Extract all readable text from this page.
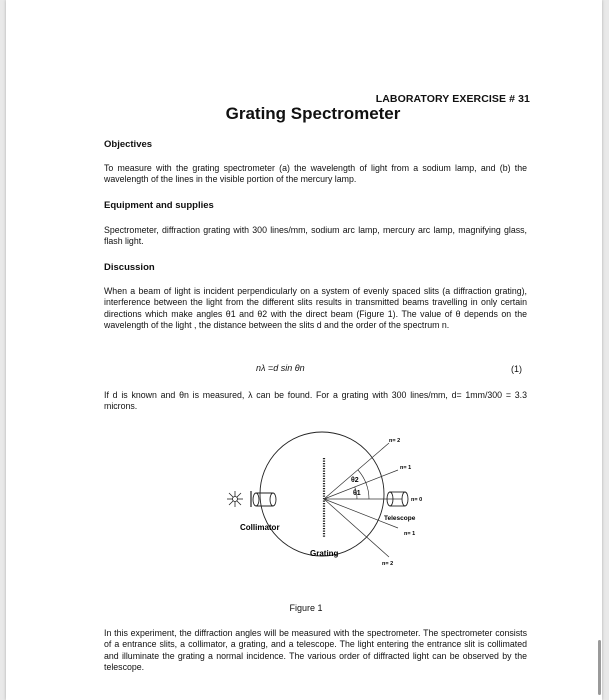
LABORATORY EXERCISE # 31
Grating Spectrometer
Objectives

To measure with the grating spectrometer (a) the wavelength of light from a sodium lamp, and (b) the wavelength of the lines in the visible portion of the mercury lamp.

Equipment and supplies

Spectrometer, diffraction grating with 300 lines/mm, sodium arc lamp, mercury arc lamp, magnifying glass, flash light.

Discussion

When a beam of light is incident perpendicularly on a system of evenly spaced slits (a diffraction grating), interference between the light from the different slits results in transmitted beams travelling in only certain directions which make angles θ1 and θ2 with the direct beam (Figure 1). The value of θ depends on the wavelength of the light , the distance between the slits d and the order of the spectrum n.

nλ =d sin θn	(1)

If d is known and θn is measured, λ can be found. For a grating with 300 lines/mm, d= 1mm/300 = 3.3 microns.

θ2
θ1
n= 2
n= 1
n= 0
Telescope
n= 1
n= 2
Collimator
Grating
Figure 1

In this experiment, the diffraction angles will be measured with the spectrometer. The spectrometer consists of a entrance slits, a collimator, a grating, and a telescope. The light entering the entrance slit is collimated and illuminate the grating a normal incidence. The various order of diffracted light can be observed by the telescope.
